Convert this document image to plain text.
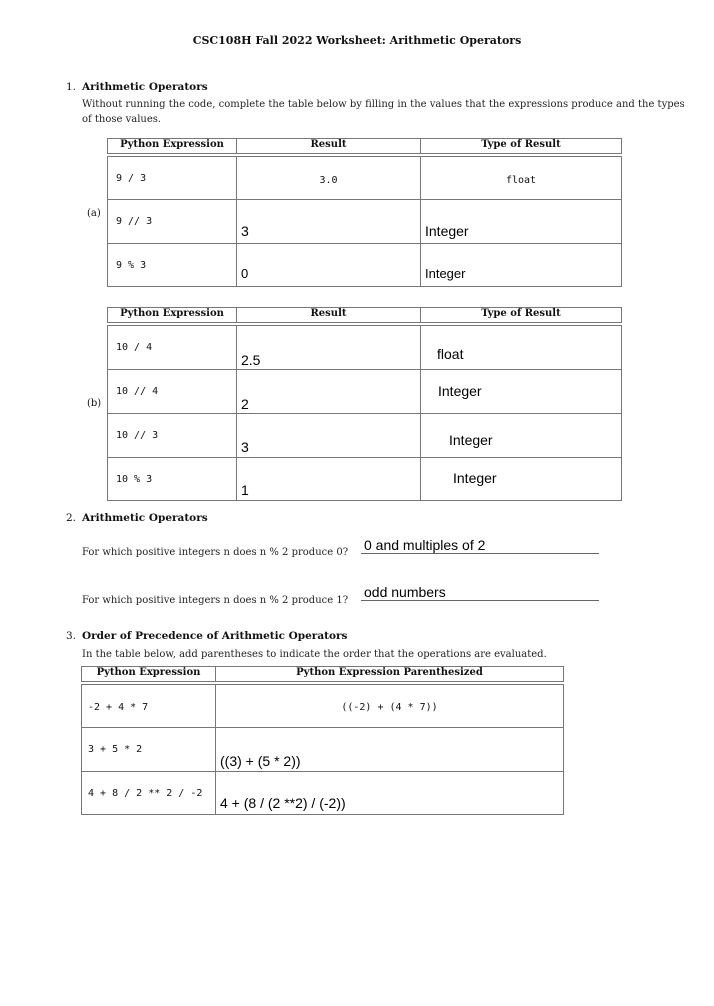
CSC108H Fall 2022 Worksheet: Arithmetic Operators
1. Arithmetic Operators
Without running the code, complete the table below by filling in the values that the expressions produce and the types of those values.
(a)
Python Expression	Result	Type of Result

9 / 3	3.0	float

9 // 3	3	Integer

9 % 3	0	Integer
(b)
Python Expression	Result	Type of Result

10 / 4	2.5	float

10 // 4	2	Integer

10 // 3	3	Integer

10 % 3	1	Integer
2. Arithmetic Operators
For which positive integers n does n % 2 produce 0? 0 and multiples of 2
For which positive integers n does n % 2 produce 1?
odd numbers
3. Order of Precedence of Arithmetic Operators
In the table below, add parentheses to indicate the order that the operations are evaluated.
Python Expression	Python Expression Parenthesized

-2 + 4 * 7	((-2) + (4 * 7))

3 + 5 * 2	((3) + (5 * 2))

4 + 8 / 2 ** 2 / -2	4 + (8 / (2 **2) / (-2))
